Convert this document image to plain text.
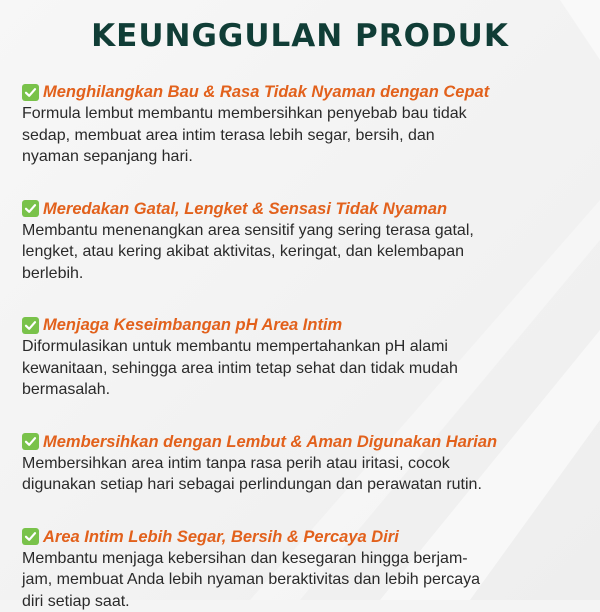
KEUNGGULAN PRODUK
Menghilangkan Bau & Rasa Tidak Nyaman dengan Cepat

Formula lembut membantu membersihkan penyebab bau tidak
sedap, membuat area intim terasa lebih segar, bersih, dan
nyaman sepanjang hari.

Meredakan Gatal, Lengket & Sensasi Tidak Nyaman

Membantu menenangkan area sensitif yang sering terasa gatal,
lengket, atau kering akibat aktivitas, keringat, dan kelembapan
berlebih.

Menjaga Keseimbangan pH Area Intim

Diformulasikan untuk membantu mempertahankan pH alami
kewanitaan, sehingga area intim tetap sehat dan tidak mudah
bermasalah.

Membersihkan dengan Lembut & Aman Digunakan Harian

Membersihkan area intim tanpa rasa perih atau iritasi, cocok
digunakan setiap hari sebagai perlindungan dan perawatan rutin.

Area Intim Lebih Segar, Bersih & Percaya Diri

Membantu menjaga kebersihan dan kesegaran hingga berjam-
jam, membuat Anda lebih nyaman beraktivitas dan lebih percaya
diri setiap saat.
